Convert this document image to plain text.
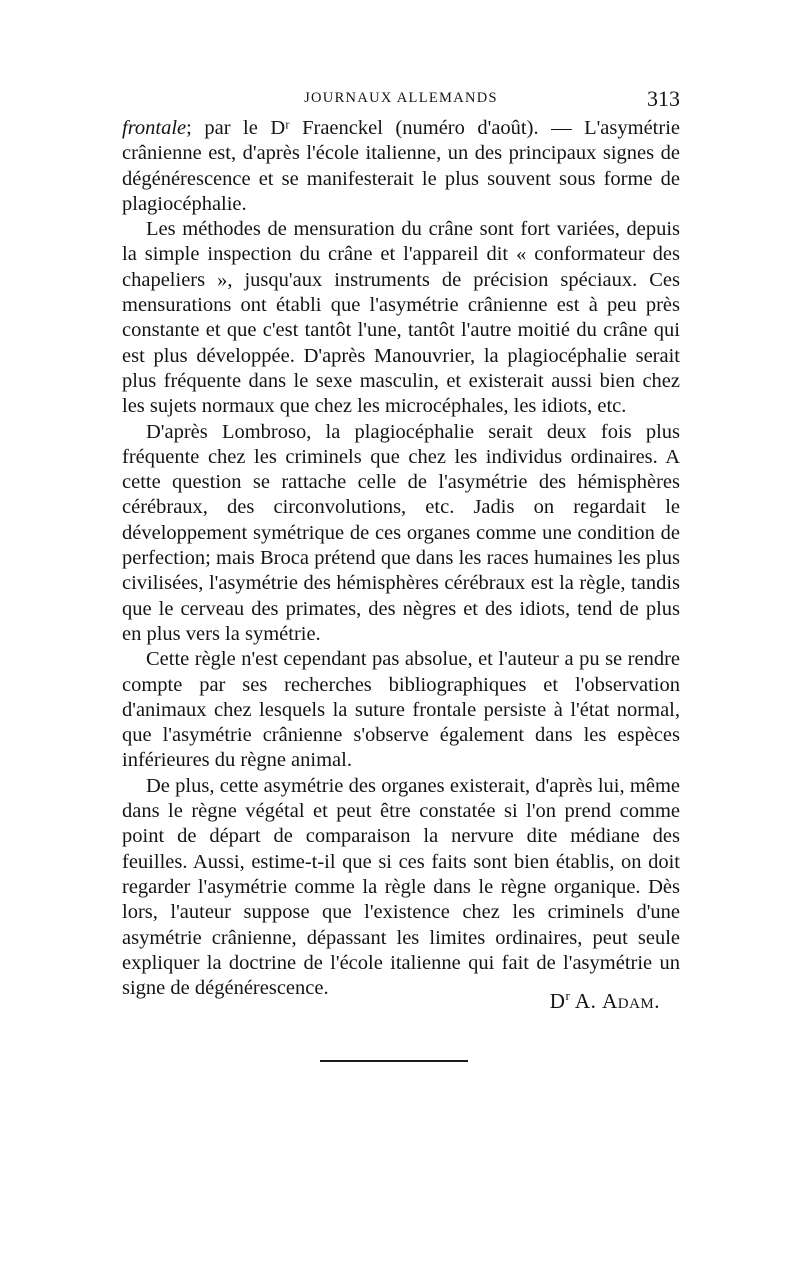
JOURNAUX ALLEMANDS	313

frontale; par le Dʳ Fraenckel (numéro d'août). — L'asymétrie crânienne est, d'après l'école italienne, un des principaux signes de dégénérescence et se manifesterait le plus souvent sous forme de plagiocéphalie.

Les méthodes de mensuration du crâne sont fort variées, depuis la simple inspection du crâne et l'appareil dit « conformateur des chapeliers », jusqu'aux instruments de précision spéciaux. Ces mensurations ont établi que l'asymétrie crânienne est à peu près constante et que c'est tantôt l'une, tantôt l'autre moitié du crâne qui est plus développée. D'après Manouvrier, la plagiocéphalie serait plus fréquente dans le sexe masculin, et existerait aussi bien chez les sujets normaux que chez les microcéphales, les idiots, etc.

D'après Lombroso, la plagiocéphalie serait deux fois plus fréquente chez les criminels que chez les individus ordinaires. A cette question se rattache celle de l'asymétrie des hémisphères cérébraux, des circonvolutions, etc. Jadis on regardait le développement symétrique de ces organes comme une condition de perfection; mais Broca prétend que dans les races humaines les plus civilisées, l'asymétrie des hémisphères cérébraux est la règle, tandis que le cerveau des primates, des nègres et des idiots, tend de plus en plus vers la symétrie.

Cette règle n'est cependant pas absolue, et l'auteur a pu se rendre compte par ses recherches bibliographiques et l'observation d'animaux chez lesquels la suture frontale persiste à l'état normal, que l'asymétrie crânienne s'observe également dans les espèces inférieures du règne animal.

De plus, cette asymétrie des organes existerait, d'après lui, même dans le règne végétal et peut être constatée si l'on prend comme point de départ de comparaison la nervure dite médiane des feuilles. Aussi, estime-t-il que si ces faits sont bien établis, on doit regarder l'asymétrie comme la règle dans le règne organique. Dès lors, l'auteur suppose que l'existence chez les criminels d'une asymétrie crânienne, dépassant les limites ordinaires, peut seule expliquer la doctrine de l'école italienne qui fait de l'asymétrie un signe de dégénérescence.

$D^r$ A. Adam.
